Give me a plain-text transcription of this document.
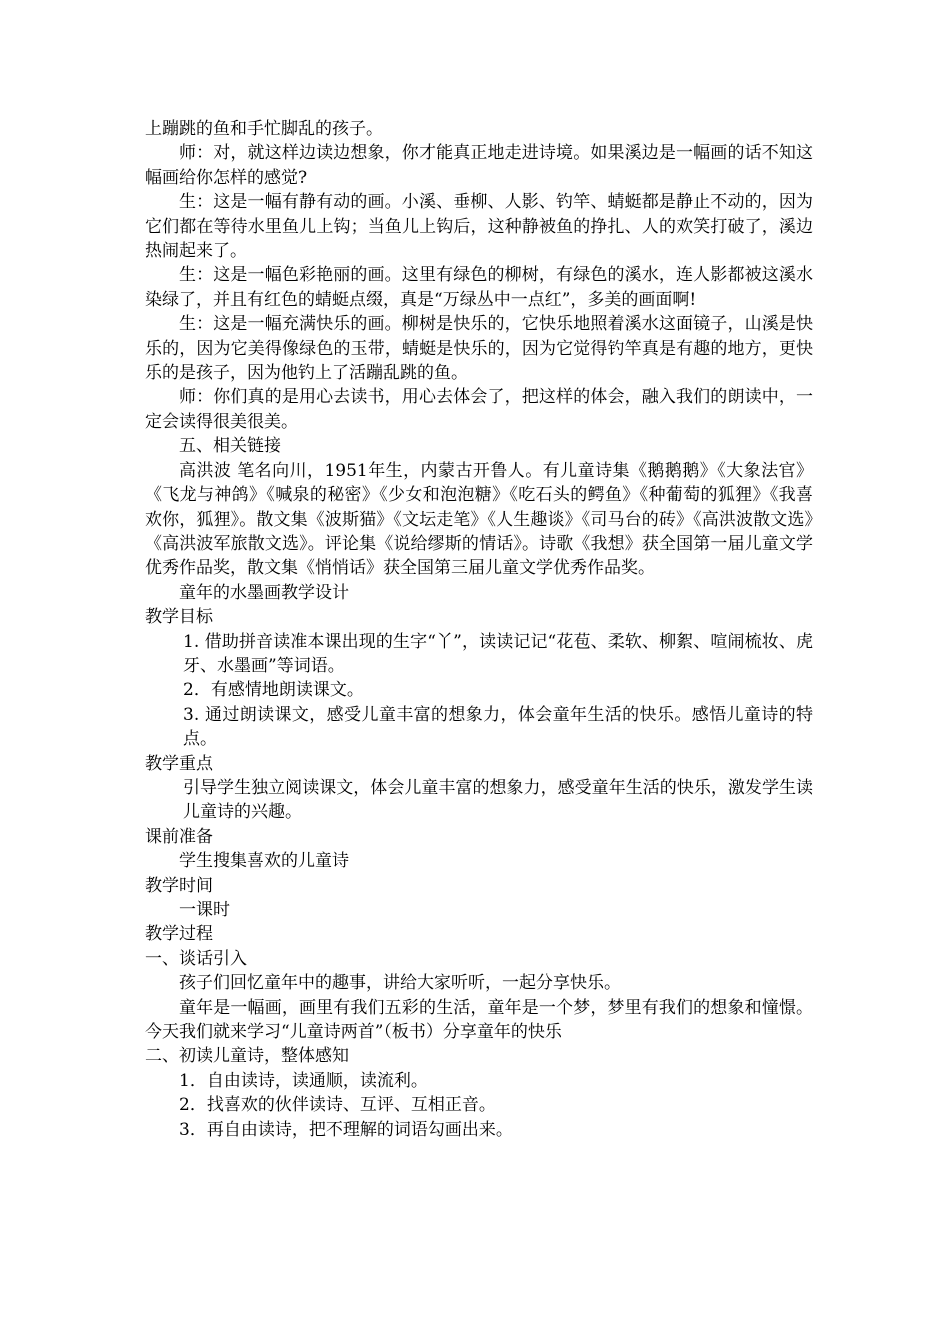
上蹦跳的鱼和手忙脚乱的孩子。

师：对，就这样边读边想象，你才能真正地走进诗境。如果溪边是一幅画的话不知这幅画给你怎样的感觉?

生：这是一幅有静有动的画。小溪、垂柳、人影、钓竿、蜻蜓都是静止不动的，因为它们都在等待水里鱼儿上钩；当鱼儿上钩后，这种静被鱼的挣扎、人的欢笑打破了，溪边热闹起来了。

生：这是一幅色彩艳丽的画。这里有绿色的柳树，有绿色的溪水，连人影都被这溪水染绿了，并且有红色的蜻蜓点缀，真是“万绿丛中一点红”，多美的画面啊!

生：这是一幅充满快乐的画。柳树是快乐的，它快乐地照着溪水这面镜子，山溪是快乐的，因为它美得像绿色的玉带，蜻蜓是快乐的，因为它觉得钓竿真是有趣的地方，更快乐的是孩子，因为他钓上了活蹦乱跳的鱼。

师：你们真的是用心去读书，用心去体会了，把这样的体会，融入我们的朗读中，一定会读得很美很美。

五、相关链接

高洪波 笔名向川，1951年生，内蒙古开鲁人。有儿童诗集《鹅鹅鹅》《大象法官》《飞龙与神鸽》《喊泉的秘密》《少女和泡泡糖》《吃石头的鳄鱼》《种葡萄的狐狸》《我喜欢你，狐狸》。散文集《波斯猫》《文坛走笔》《人生趣谈》《司马台的砖》《高洪波散文选》《高洪波军旅散文选》。评论集《说给缪斯的情话》。诗歌《我想》获全国第一届儿童文学优秀作品奖，散文集《悄悄话》获全国第三届儿童文学优秀作品奖。

童年的水墨画教学设计

教学目标

1. 借助拼音读准本课出现的生字“丫”，读读记记“花苞、柔软、柳絮、喧闹梳妆、虎牙、水墨画”等词语。

2．有感情地朗读课文。

3. 通过朗读课文，感受儿童丰富的想象力，体会童年生活的快乐。感悟儿童诗的特点。

教学重点

引导学生独立阅读课文，体会儿童丰富的想象力，感受童年生活的快乐，激发学生读儿童诗的兴趣。

课前准备

学生搜集喜欢的儿童诗

教学时间

一课时

教学过程

一、谈话引入

孩子们回忆童年中的趣事，讲给大家听听，一起分享快乐。

童年是一幅画，画里有我们五彩的生活，童年是一个梦，梦里有我们的想象和憧憬。今天我们就来学习“儿童诗两首”（板书）分享童年的快乐

二、初读儿童诗，整体感知

1．自由读诗，读通顺，读流利。

2．找喜欢的伙伴读诗、互评、互相正音。

3．再自由读诗，把不理解的词语勾画出来。
